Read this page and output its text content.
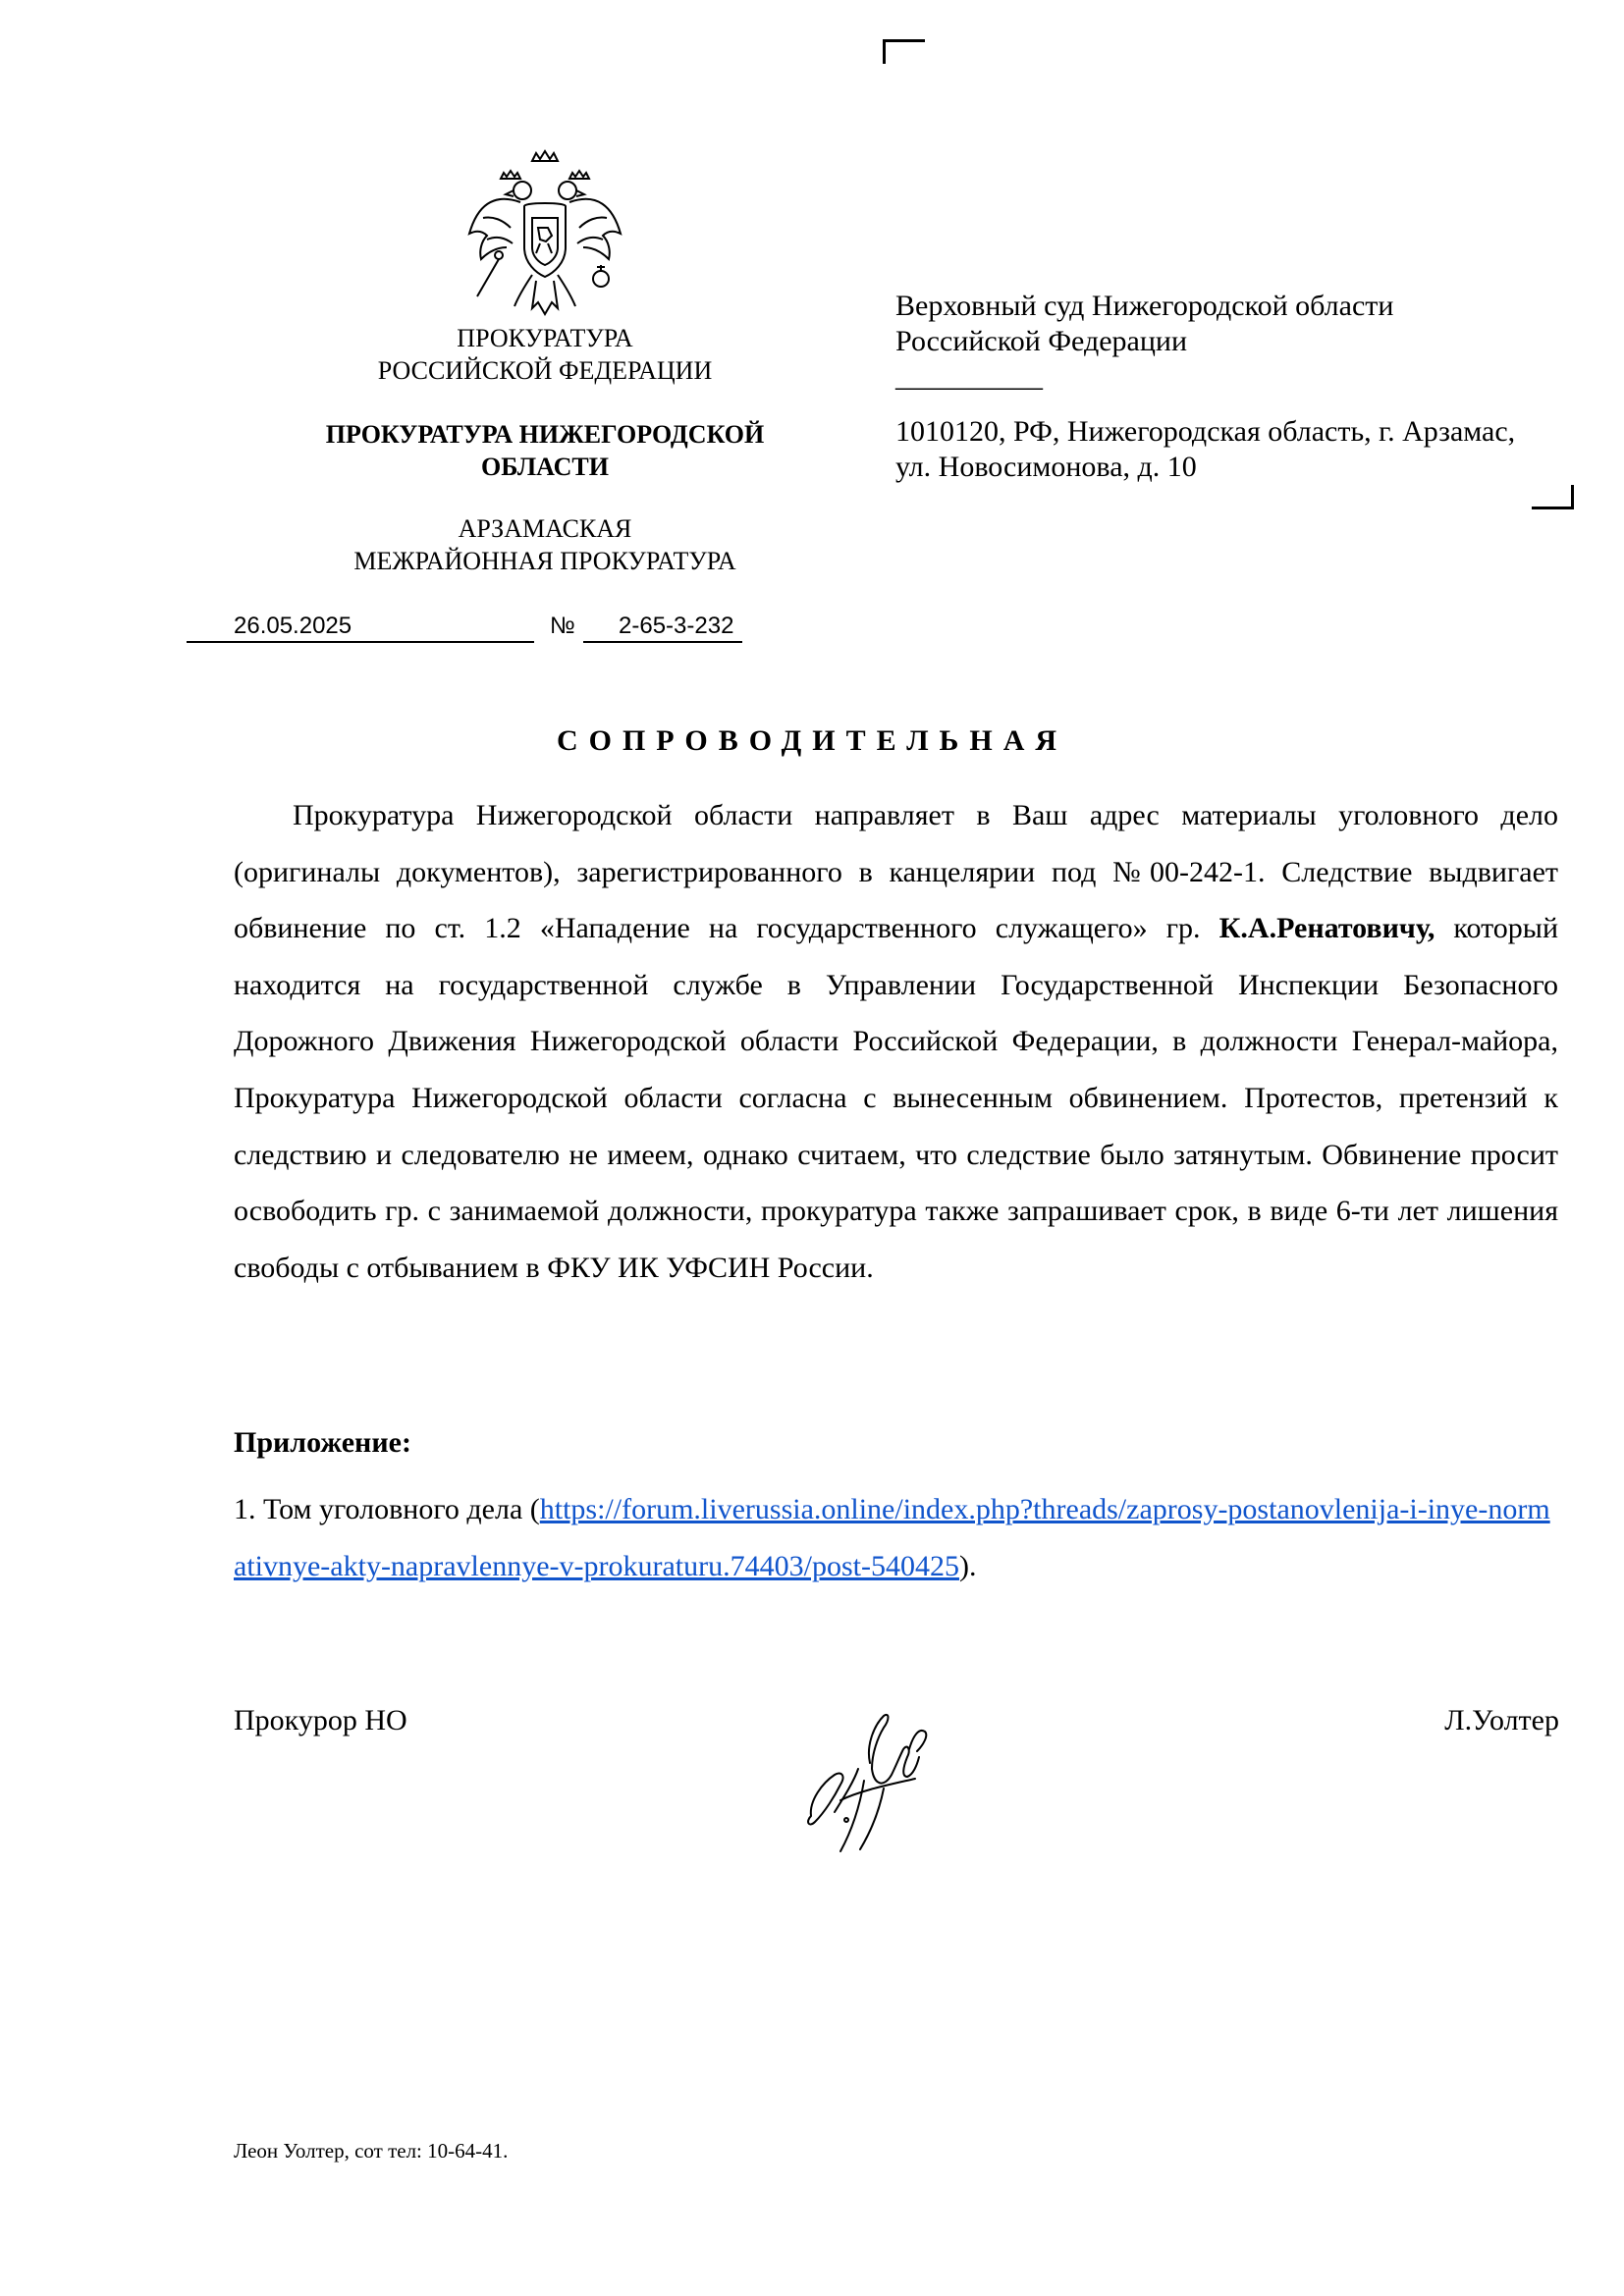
ПРОКУРАТУРА
РОССИЙСКОЙ ФЕДЕРАЦИИ
ПРОКУРАТУРА НИЖЕГОРОДСКОЙ
ОБЛАСТИ
АРЗАМАСКАЯ
МЕЖРАЙОННАЯ ПРОКУРАТУРА
26.05.2025	№	2-65-3-232
Верховный суд Нижегородской области
Российской Федерации
__________
1010120, РФ, Нижегородская область, г. Арзамас,
ул. Новосимонова, д. 10
СОПРОВОДИТЕЛЬНАЯ

Прокуратура Нижегородской области направляет в Ваш адрес материалы уголовного дело (оригиналы документов), зарегистрированного в канцелярии под №00-242-1. Следствие выдвигает обвинение по ст. 1.2 «Нападение на государственного служащего» гр. К.А.Ренатовичу, который находится на государственной службе в Управлении Государственной Инспекции Безопасного Дорожного Движения Нижегородской области Российской Федерации, в должности Генерал-майора, Прокуратура Нижегородской области согласна с вынесенным обвинением. Протестов, претензий к следствию и следователю не имеем, однако считаем, что следствие было затянутым. Обвинение просит освободить гр. с занимаемой должности, прокуратура также запрашивает срок, в виде 6-ти лет лишения свободы с отбыванием в ФКУ ИК УФСИН России.

Приложение:
1. Том уголовного дела (https://forum.liverussia.online/index.php?threads/zaprosy-postanovlenija-i-inye-normativnye-akty-napravlennye-v-prokuraturu.74403/post-540425).
Прокурор НО	Л.Уолтер
Леон Уолтер, сот тел: 10-64-41.
